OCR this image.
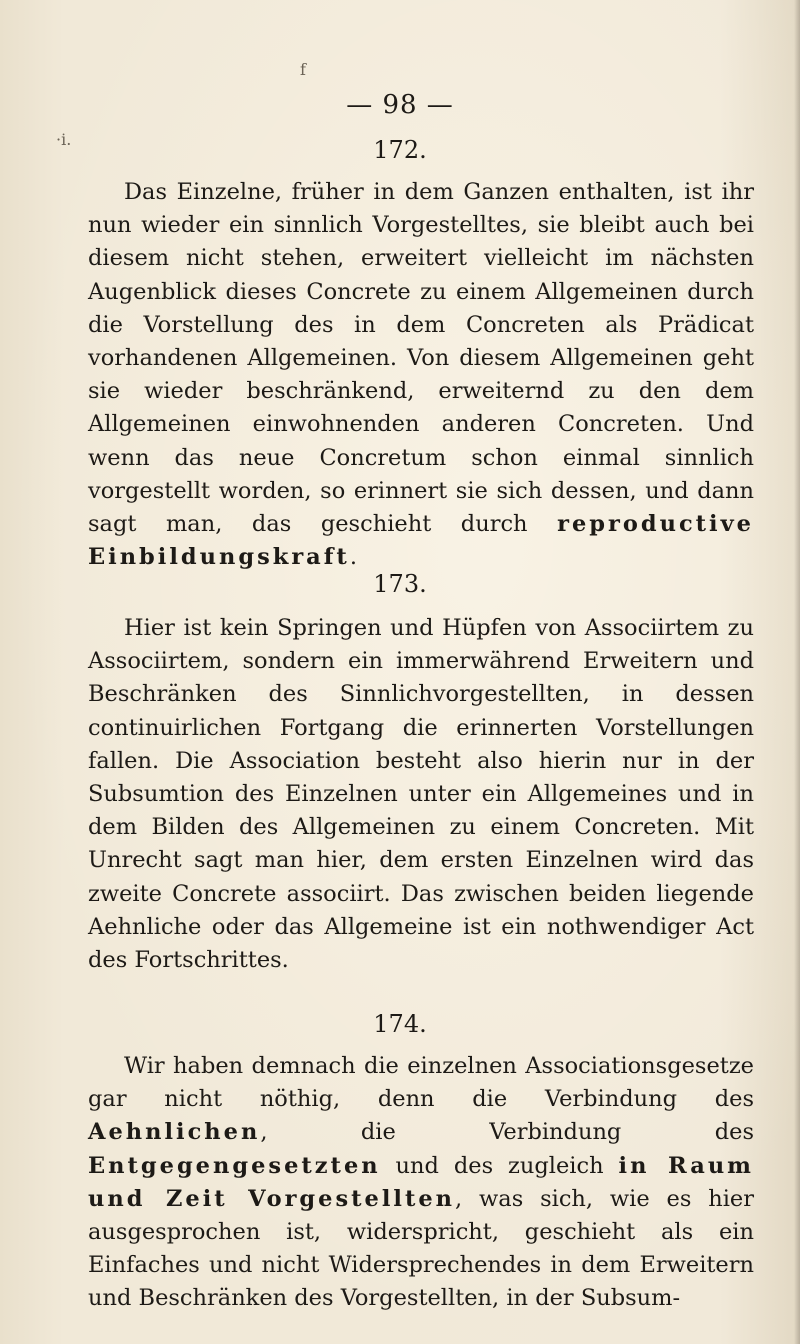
f
·i.
— 98 —
172.
Das Einzelne, früher in dem Ganzen enthalten, ist ihr nun wieder ein sinnlich Vorgestelltes, sie bleibt auch bei diesem nicht stehen, erweitert vielleicht im nächsten Augenblick dieses Concrete zu einem Allgemeinen durch die Vorstellung des in dem Concreten als Prädicat vorhandenen Allgemeinen. Von diesem Allgemeinen geht sie wieder beschränkend, erweiternd zu den dem Allgemeinen einwohnenden anderen Concreten. Und wenn das neue Concretum schon einmal sinnlich vorgestellt worden, so erinnert sie sich dessen, und dann sagt man, das geschieht durch reproductive Einbildungskraft.
173.
Hier ist kein Springen und Hüpfen von Associirtem zu Associirtem, sondern ein immerwährend Erweitern und Beschränken des Sinnlichvorgestellten, in dessen continuirlichen Fortgang die erinnerten Vorstellungen fallen. Die Association besteht also hierin nur in der Subsumtion des Einzelnen unter ein Allgemeines und in dem Bilden des Allgemeinen zu einem Concreten. Mit Unrecht sagt man hier, dem ersten Einzelnen wird das zweite Concrete associirt. Das zwischen beiden liegende Aehnliche oder das Allgemeine ist ein nothwendiger Act des Fortschrittes.
174.
Wir haben demnach die einzelnen Associationsgesetze gar nicht nöthig, denn die Verbindung des Aehnlichen, die Verbindung des Entgegengesetzten und des zugleich in Raum und Zeit Vorgestellten, was sich, wie es hier ausgesprochen ist, widerspricht, geschieht als ein Einfaches und nicht Widersprechendes in dem Erweitern und Beschränken des Vorgestellten, in der Subsum-
